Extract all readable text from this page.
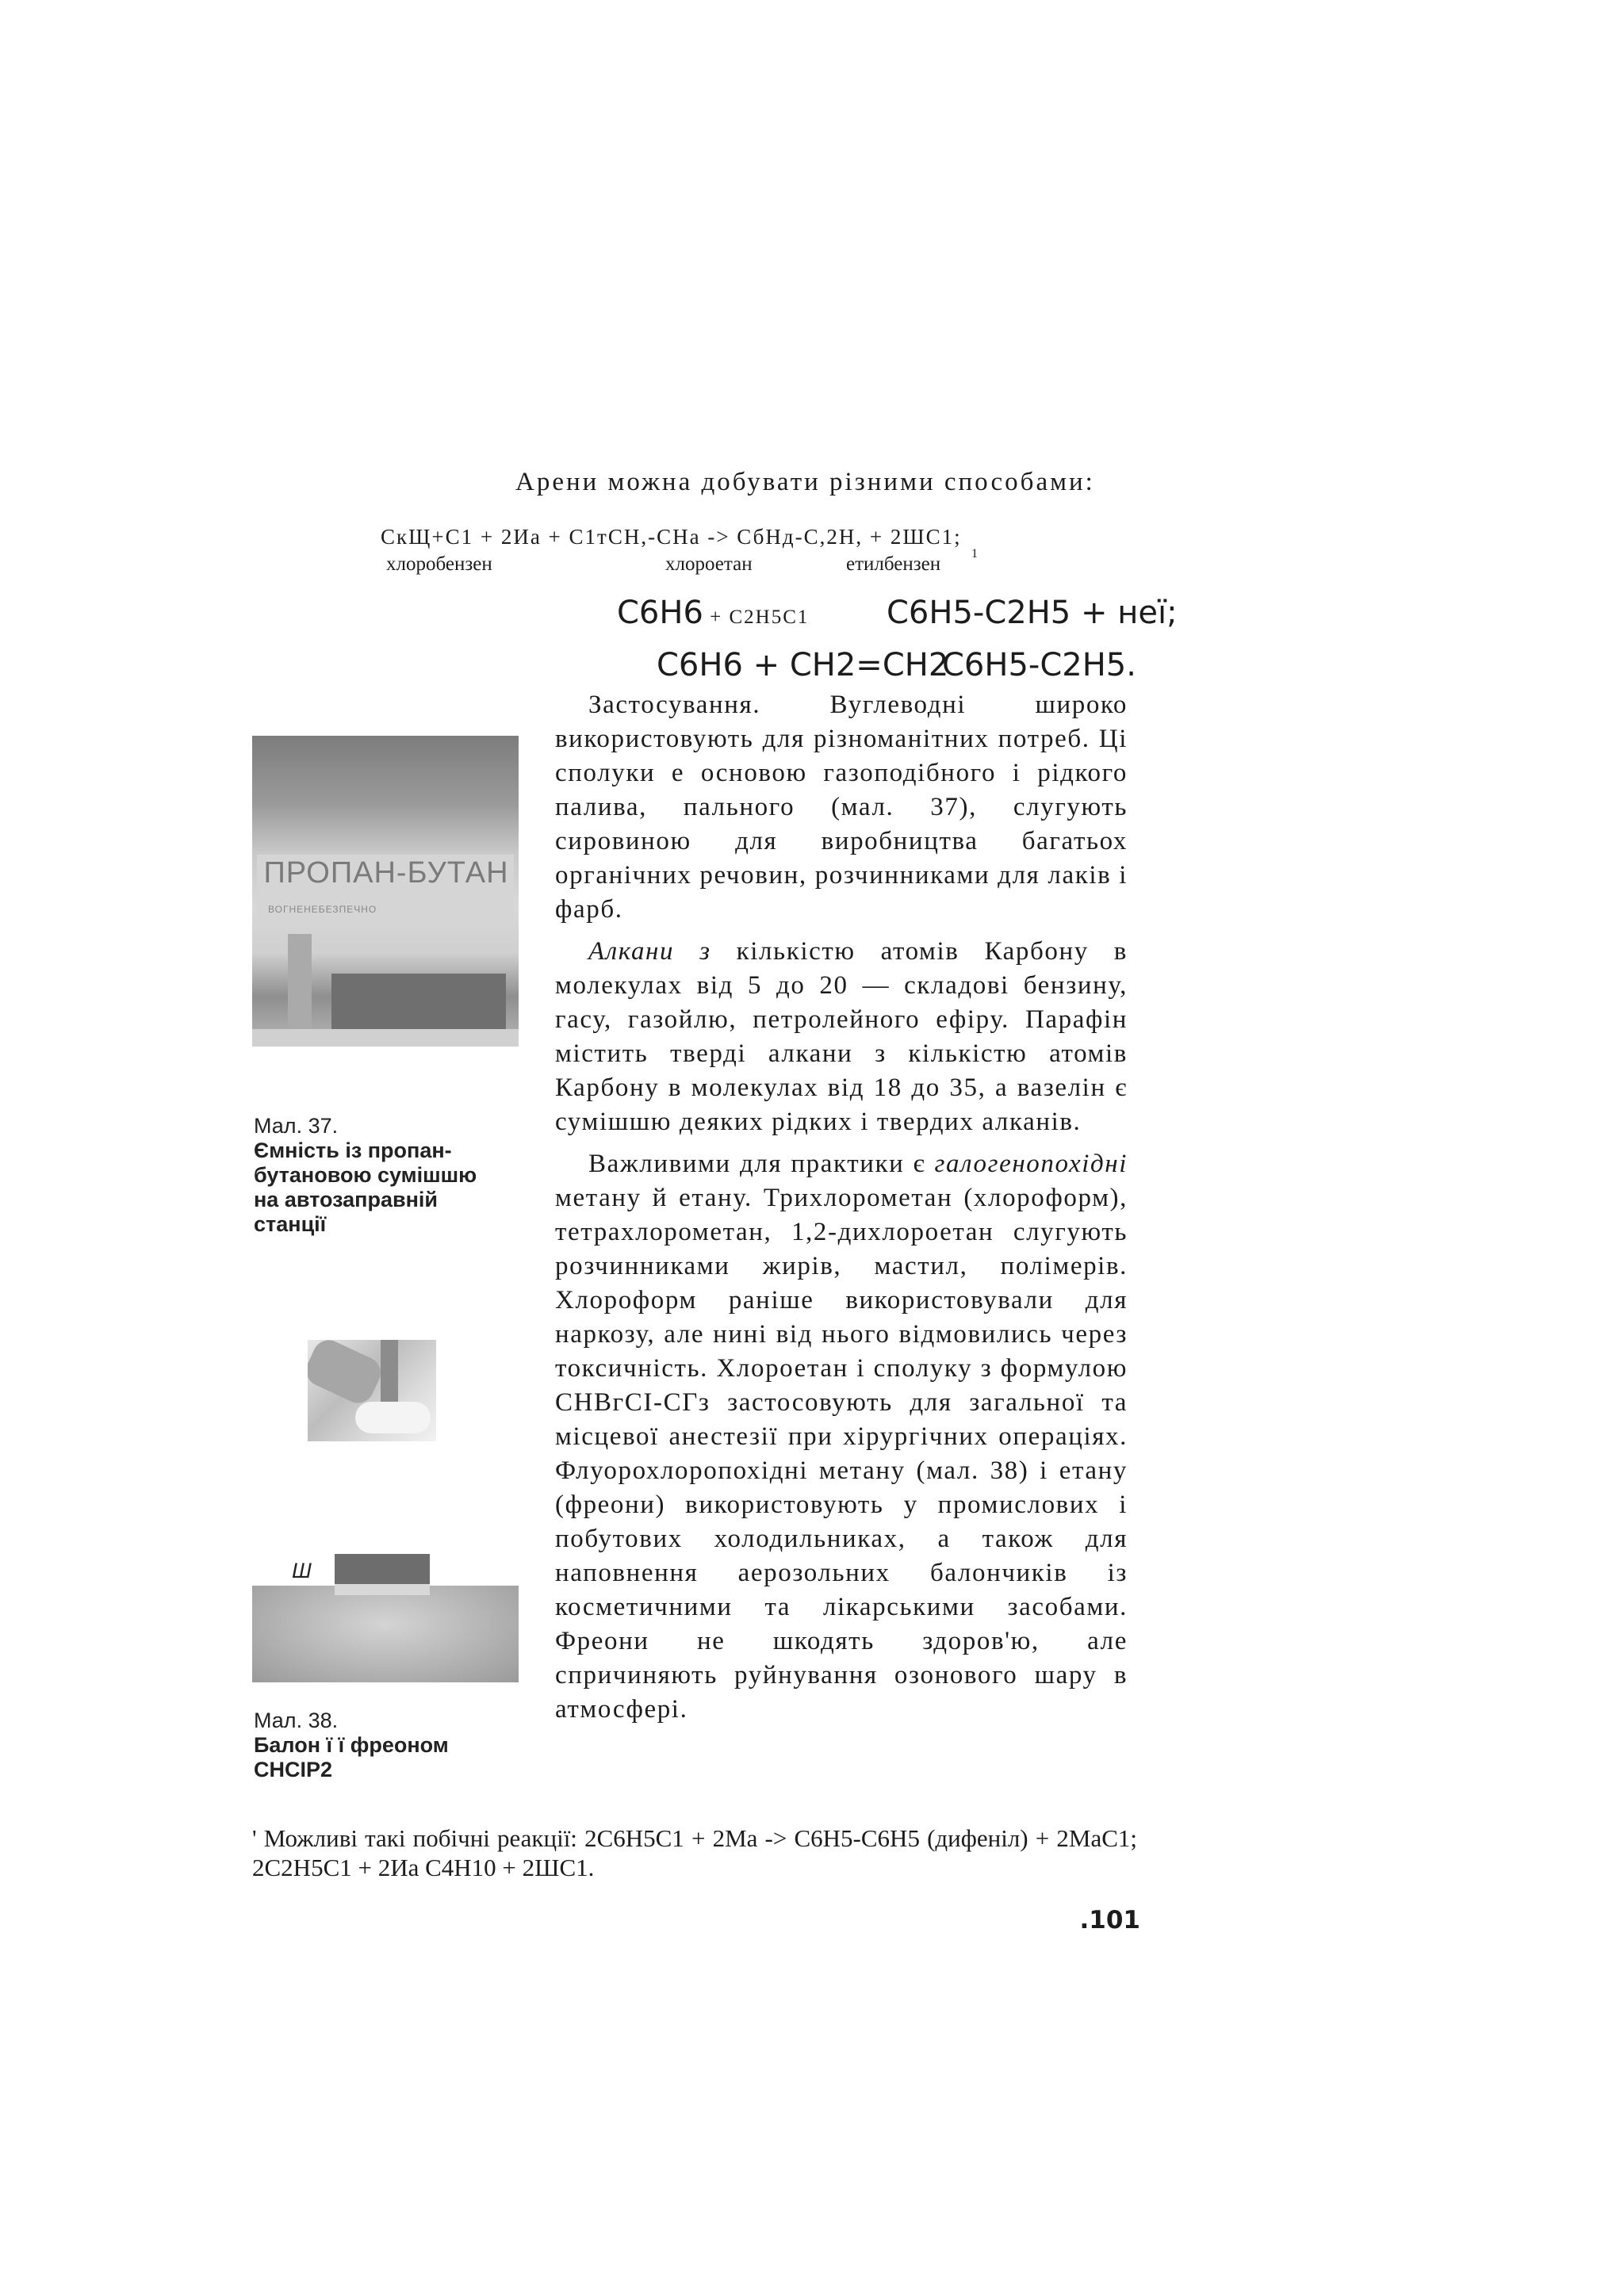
Арени можна добувати різними способами:
СкЩ+С1 + 2Иа + С1тСН,-СНа -> СбНд-С,2Н, + 2ШС1;
хлоробензен	хлороетан	етилбензен 1
С6Н6 + С2Н5С1 С6Н5-С2Н5 + неї;
С6Н6 + СН2=СН2
С6Н5-С2Н5.

Застосування. Вуглеводні широко використовують для різноманітних потреб. Ці сполуки е основою газоподібного і рідкого палива, пального (мал. 37), слугують сировиною для виробництва багатьох органічних речовин, розчинниками для лаків і фарб.

Алкани з кількістю атомів Карбону в молекулах від 5 до 20 — складові бензину, гасу, газойлю, петролейного ефіру. Парафін містить тверді алкани з кількістю атомів Карбону в молекулах від 18 до 35, а вазелін є сумішшю деяких рідких і твердих алканів.

Важливими для практики є галогенопохідні метану й етану. Трихлорометан (хлороформ), тетрахлорометан, 1,2-дихлороетан слугують розчинниками жирів, мастил, полімерів. Хлороформ раніше використовували для наркозу, але нині від нього відмовились через токсичність. Хлороетан і сполуку з формулою СНВгСІ-СГз застосовують для загальної та місцевої анестезії при хірургічних операціях. Флуорохлоропохідні метану (мал. 38) і етану (фреони) використовують у промислових і побутових холодильниках, а також для наповнення аерозольних балончиків із косметичними та лікарськими засобами. Фреони не шкодять здоров'ю, але спричиняють руйнування озонового шару в атмосфері.

ПРОПАН-БУТАН
ВОГНЕНЕБЕЗПЕЧНО
Мал. 37.
Ємність із пропан-бутановою сумішшю на автозаправній станції
Ш
Мал. 38.
Балон ї ї фреоном СНСІР2
' Можливі такі побічні реакції: 2С6Н5С1 + 2Ма -> С6Н5-С6Н5 (дифеніл) + 2МаС1; 2С2Н5С1 + 2Иа С4Н10 + 2ШС1.
.101
